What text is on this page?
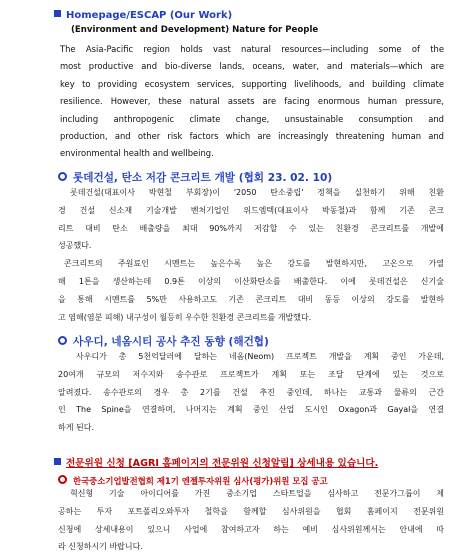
Homepage/ESCAP (Our Work)
(Environment and Development) Nature for People
The Asia-Pacific region holds vast natural resources—including some of the
most productive and bio-diverse lands, oceans, water, and materials—which are
key to providing ecosystem services, supporting livelihoods, and building climate
resilience. However, these natural assets are facing enormous human pressure,
including anthropogenic climate change, unsustainable consumption and
production, and other risk factors which are increasingly threatening human and
environmental health and wellbeing.
롯데건설, 탄소 저감 콘크리트 개발 (협회 23. 02. 10)
롯데건설(대표이사 박현철 부회장)이 '2050 탄소중립' 정책을 실천하기 위해 친환
경 건설 신소재 기술개발 벤처기업인 위드엠텍(대표이사 박동철)과 함께 기존 콘크
리트 대비 탄소 배출량을 최대 90%까지 저감할 수 있는 친환경 콘크리트를 개발에
성공했다.
콘크리트의 주원료인 시멘트는 높은수록 높은 강도를 발현하지만, 고온으로 가열
해 1톤을 생산하는데 0.9톤 이상의 이산화탄소를 배출한다. 이에 롯데건설은 신기술
을 통해 시멘트를 5%만 사용하고도 기존 콘크리트 대비 동등 이상의 강도를 발현하
고 염해(염분 피해) 내구성이 월등히 우수한 친환경 콘크리트를 개발했다.
사우디, 네옴시티 공사 추진 동향 (해건협)
사우디가 총 5천억달러에 달하는 네옴(Neom) 프로젝트 개발을 계획 중인 가운데,
20여개 규모의 저수지와 송수관로 프로젝트가 계획 또는 조달 단계에 있는 것으로
알려졌다. 송수관로의 경우 총 2기를 건설 추진 중인데, 하나는 교통과 물류의 근간
인 The Spine을 연결하며, 나머지는 계획 중인 산업 도시인 Oxagon과 Gayal을 연결
하게 된다.
전문위원 신청 [AGRI 홈페이지의 전문위원 신청알림] 상세내용 있습니다.
한국중소기업발전협회 제1기 엔젤투자위원 심사(평가)위원 모집 공고
혁신형 기술 아이디어를 가진 중소기업 스타트업을 심사하고 전문가그룹이 제
공하는 투자 포트폴리오와투자 철학을 함께할 심사위원을 협회 홈페이지 전문위원
신청에 상세내용이 있으니 사업에 참여하고자 하는 예비 심사위원께서는 안내에 따
라 신청하시기 바랍니다.
